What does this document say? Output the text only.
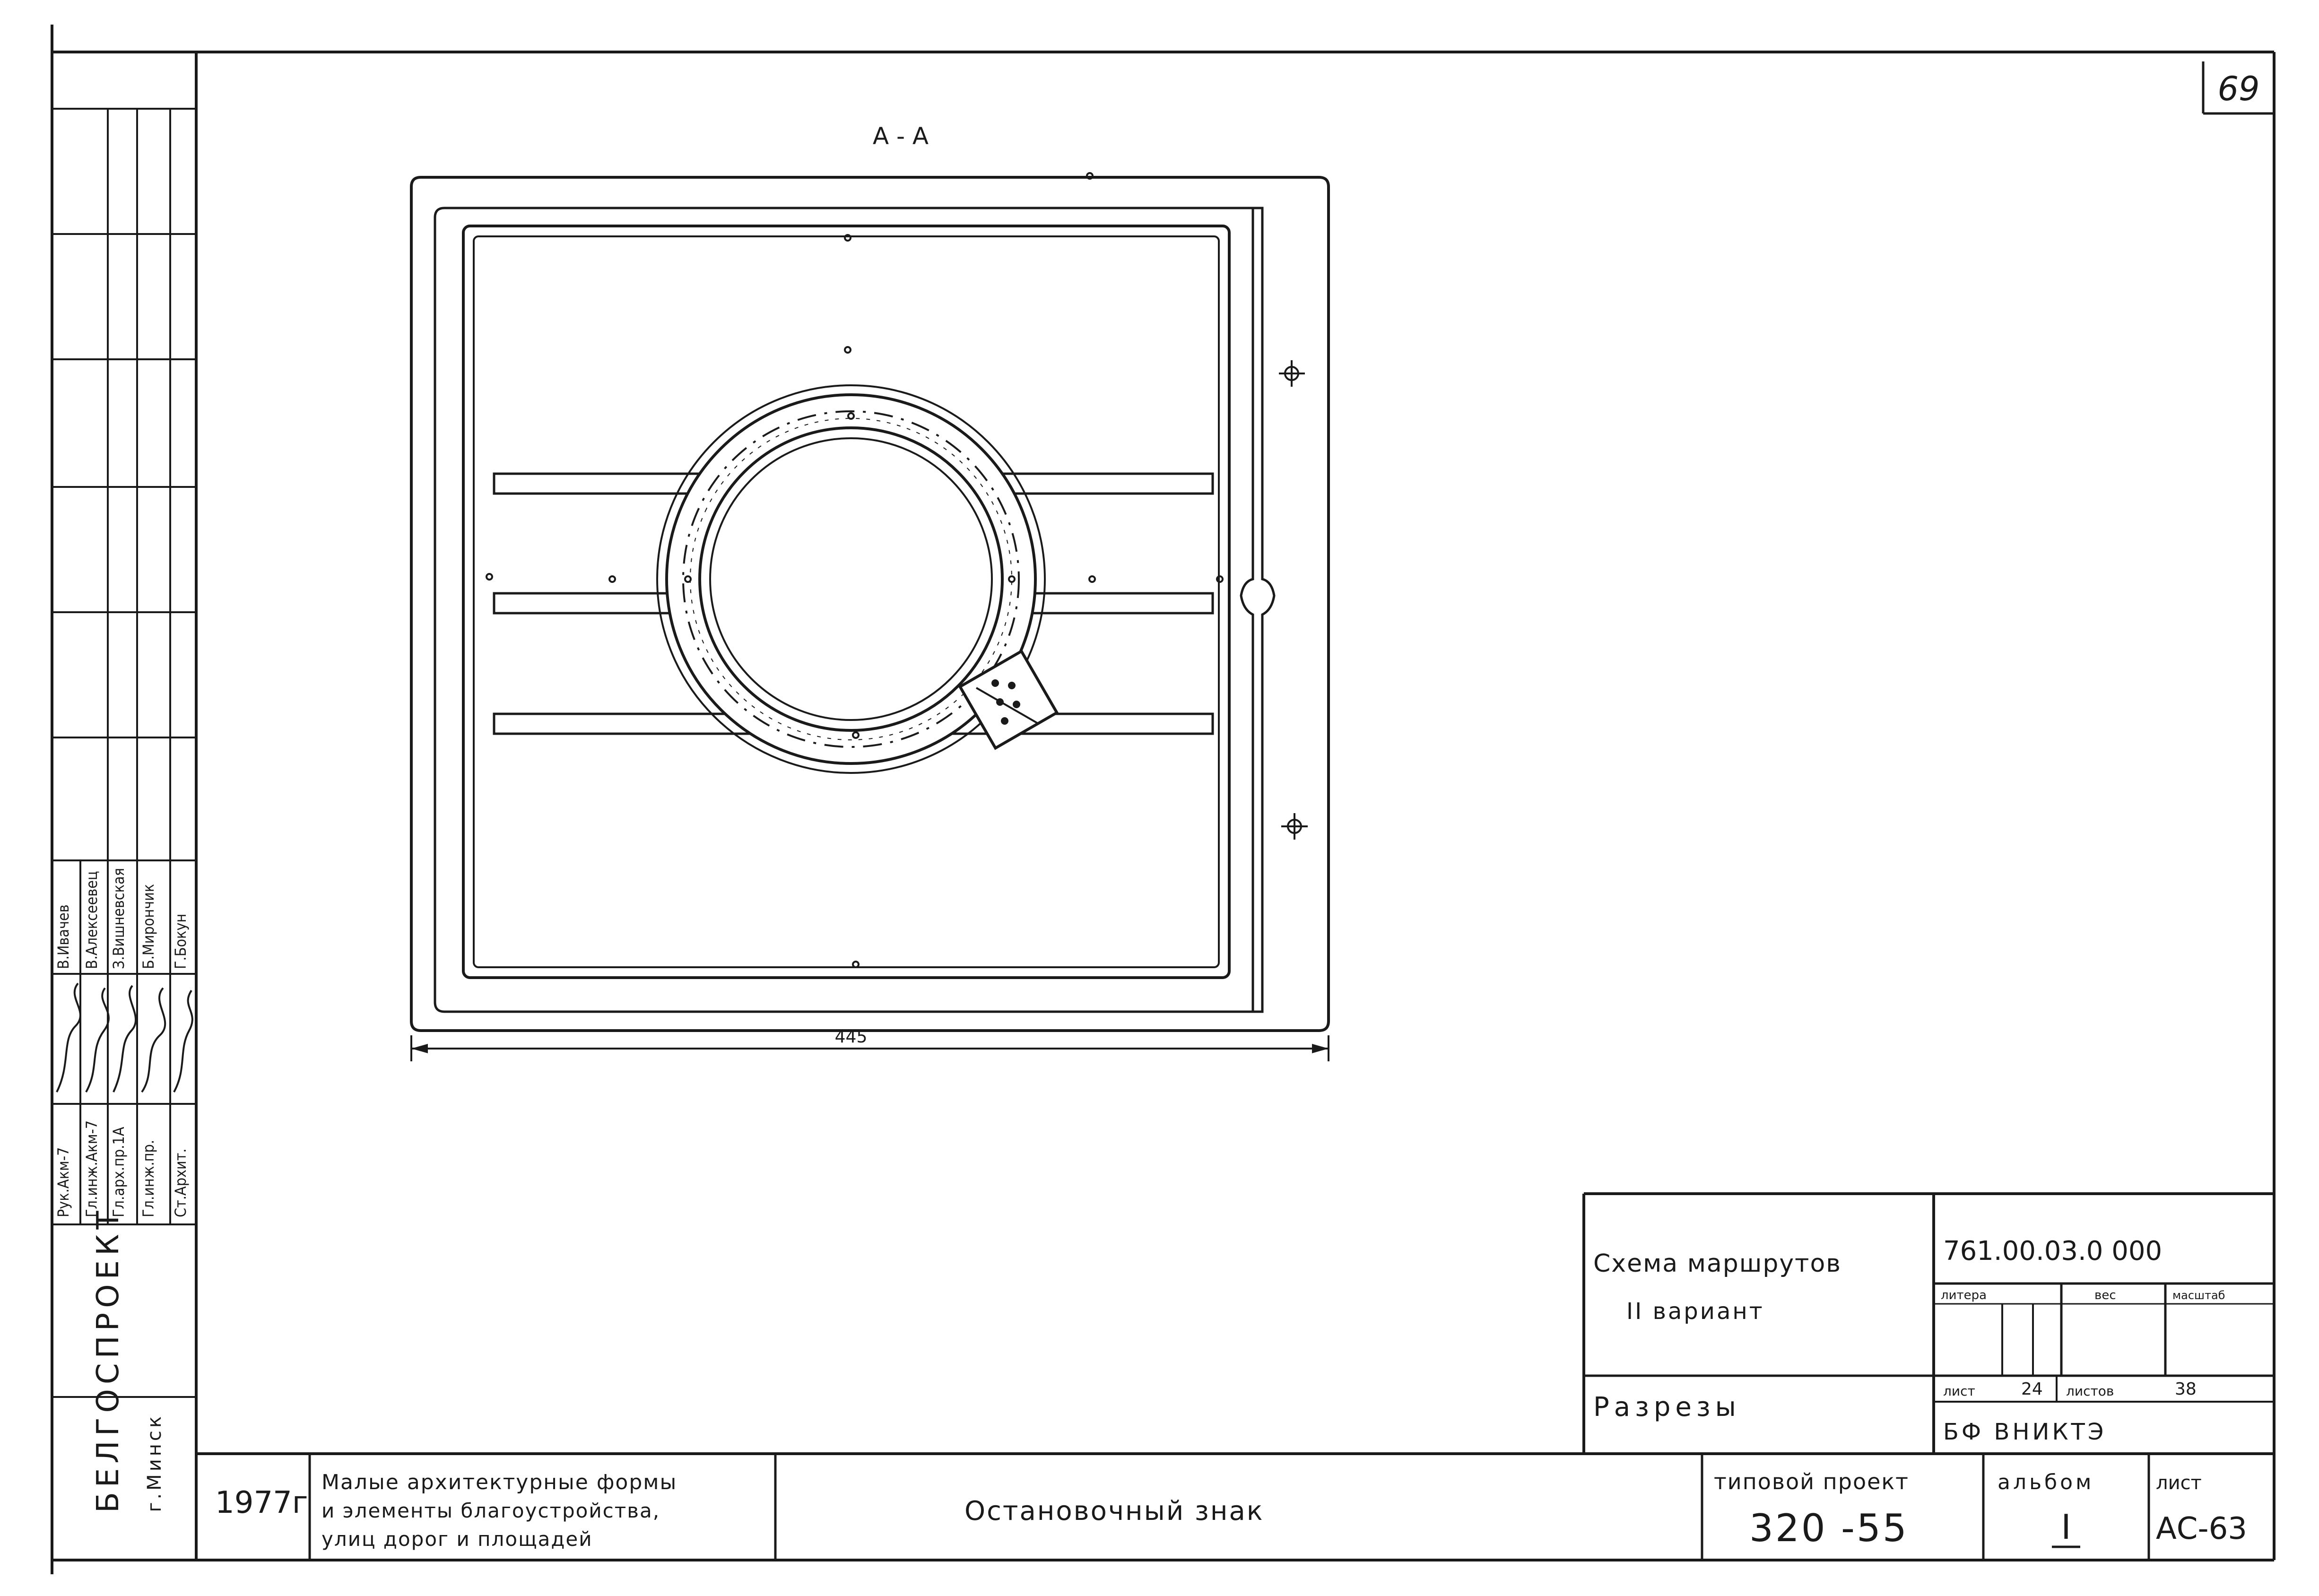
69
Рук.Акм-7 Гл.инж.Акм-7 Гл.арх.пр.1А Гл.инж.пр. Ст.Архит.
В.Ивачев В.Алексеевец З.Вишневская Б.Мирончик Г.Бокун
БЕЛГОСПРОЕКТ г.Минск
А - А
445
Схема маршрутов
II вариант
Разрезы
761.00.03.0 000
литера	вес	масштаб
лист	24 листов	38
БФ ВНИКТЭ
1977г
Малые архитектурные формы
и элементы благоустройства,
улиц дорог и площадей
Остановочный знак
типовой проект
320 -55
альбом
I
лист
АС-63
